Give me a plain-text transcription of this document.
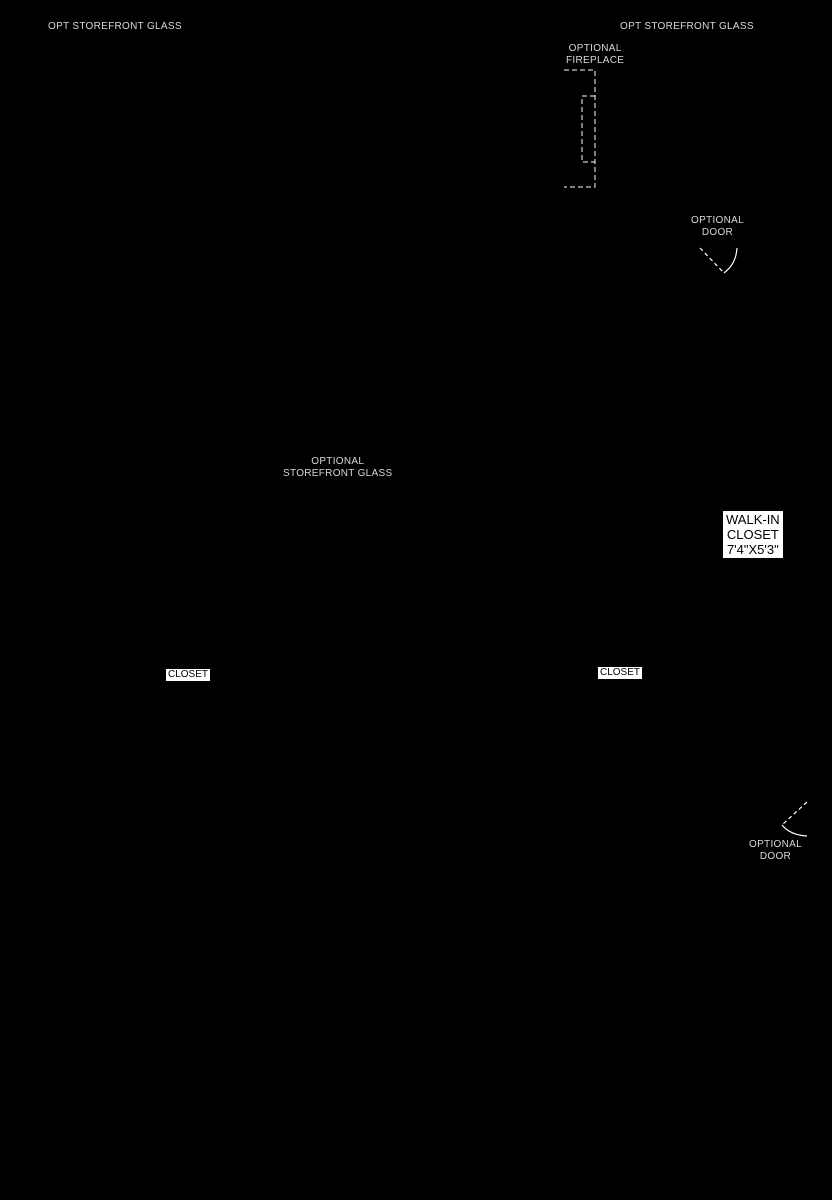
OPT STOREFRONT GLASS	OPT STOREFRONT GLASS
OPTIONAL
FIREPLACE
OPTIONAL
DOOR
OPTIONAL
STOREFRONT GLASS
WALK-IN
CLOSET
7'4"X5'3"
CLOSET	CLOSET
OPTIONAL
DOOR
